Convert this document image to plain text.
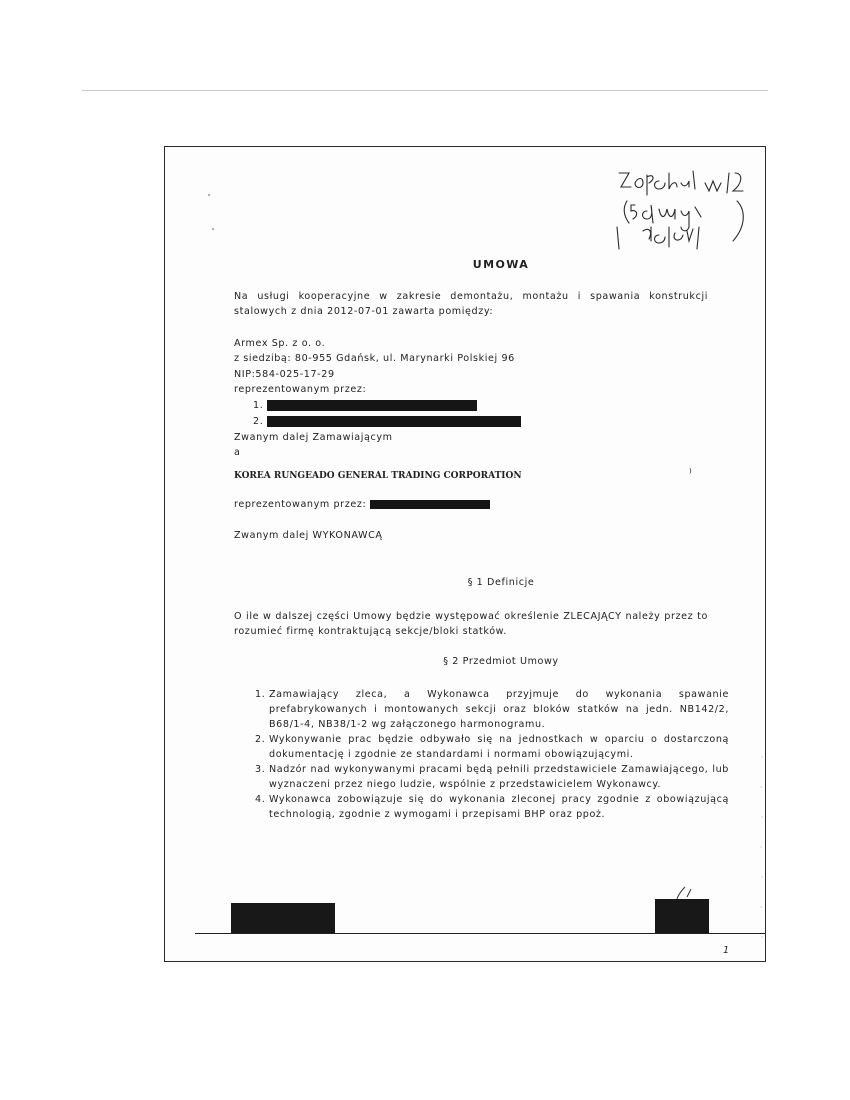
UMOWA
Na usługi kooperacyjne w zakresie demontażu, montażu i spawania konstrukcji stalowych z dnia 2012-07-01 zawarta pomiędzy:
Armex Sp. z o. o.
z siedzibą: 80-955 Gdańsk, ul. Marynarki Polskiej 96
NIP:584-025-17-29
reprezentowanym przez:
1.
2.
Zwanym dalej Zamawiającym
a
KOREA RUNGEADO GENERAL TRADING CORPORATION	⁾
reprezentowanym przez:
Zwanym dalej WYKONAWCĄ
§ 1 Definicje
O ile w dalszej części Umowy będzie występować określenie ZLECAJĄCY należy przez to rozumieć firmę kontraktującą sekcje/bloki statków.
§ 2 Przedmiot Umowy
1. Zamawiający zleca, a Wykonawca przyjmuje do wykonania spawanie prefabrykowanych i montowanych sekcji oraz bloków statków na jedn. NB142/2, B68/1-4, NB38/1-2 wg załączonego harmonogramu.
2. Wykonywanie prac będzie odbywało się na jednostkach w oparciu o dostarczoną dokumentację i zgodnie ze standardami i normami obowiązującymi.
3. Nadzór nad wykonywanymi pracami będą pełnili przedstawiciele Zamawiającego, lub wyznaczeni przez niego ludzie, wspólnie z przedstawicielem Wykonawcy.
4. Wykonawca zobowiązuje się do wykonania zleconej pracy zgodnie z obowiązującą technologią, zgodnie z wymogami i przepisami BHP oraz ppoż.
1
